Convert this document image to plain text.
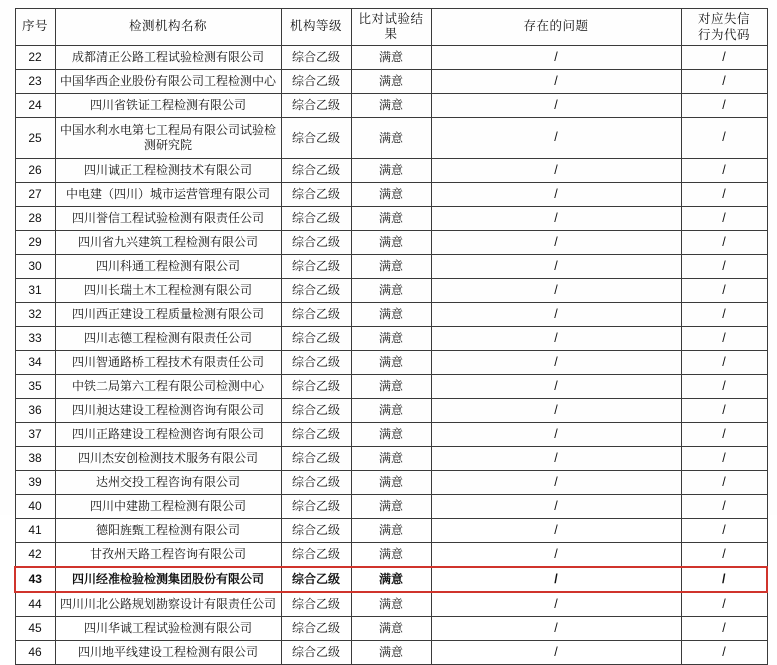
序号	检测机构名称	机构等级	比对试验结果	存在的问题	对应失信
行为代码

22	成都清正公路工程试验检测有限公司	综合乙级	满意	/	/
23	中国华西企业股份有限公司工程检测中心	综合乙级	满意	/	/
24	四川省铁证工程检测有限公司	综合乙级	满意	/	/
25	中国水利水电第七工程局有限公司试验检测研究院	综合乙级	满意	/	/
26	四川诚正工程检测技术有限公司	综合乙级	满意	/	/
27	中电建（四川）城市运营管理有限公司	综合乙级	满意	/	/
28	四川誉信工程试验检测有限责任公司	综合乙级	满意	/	/
29	四川省九兴建筑工程检测有限公司	综合乙级	满意	/	/
30	四川科通工程检测有限公司	综合乙级	满意	/	/
31	四川长瑞土木工程检测有限公司	综合乙级	满意	/	/
32	四川西正建设工程质量检测有限公司	综合乙级	满意	/	/
33	四川志德工程检测有限责任公司	综合乙级	满意	/	/
34	四川智通路桥工程技术有限责任公司	综合乙级	满意	/	/
35	中铁二局第六工程有限公司检测中心	综合乙级	满意	/	/
36	四川昶达建设工程检测咨询有限公司	综合乙级	满意	/	/
37	四川正路建设工程检测咨询有限公司	综合乙级	满意	/	/
38	四川杰安创检测技术服务有限公司	综合乙级	满意	/	/
39	达州交投工程咨询有限公司	综合乙级	满意	/	/
40	四川中建勘工程检测有限公司	综合乙级	满意	/	/
41	德阳旌甄工程检测有限公司	综合乙级	满意	/	/
42	甘孜州天路工程咨询有限公司	综合乙级	满意	/	/
43	四川经准检验检测集团股份有限公司	综合乙级	满意	/	/
44	四川川北公路规划勘察设计有限责任公司	综合乙级	满意	/	/
45	四川华诚工程试验检测有限公司	综合乙级	满意	/	/
46	四川地平线建设工程检测有限公司	综合乙级	满意	/	/
